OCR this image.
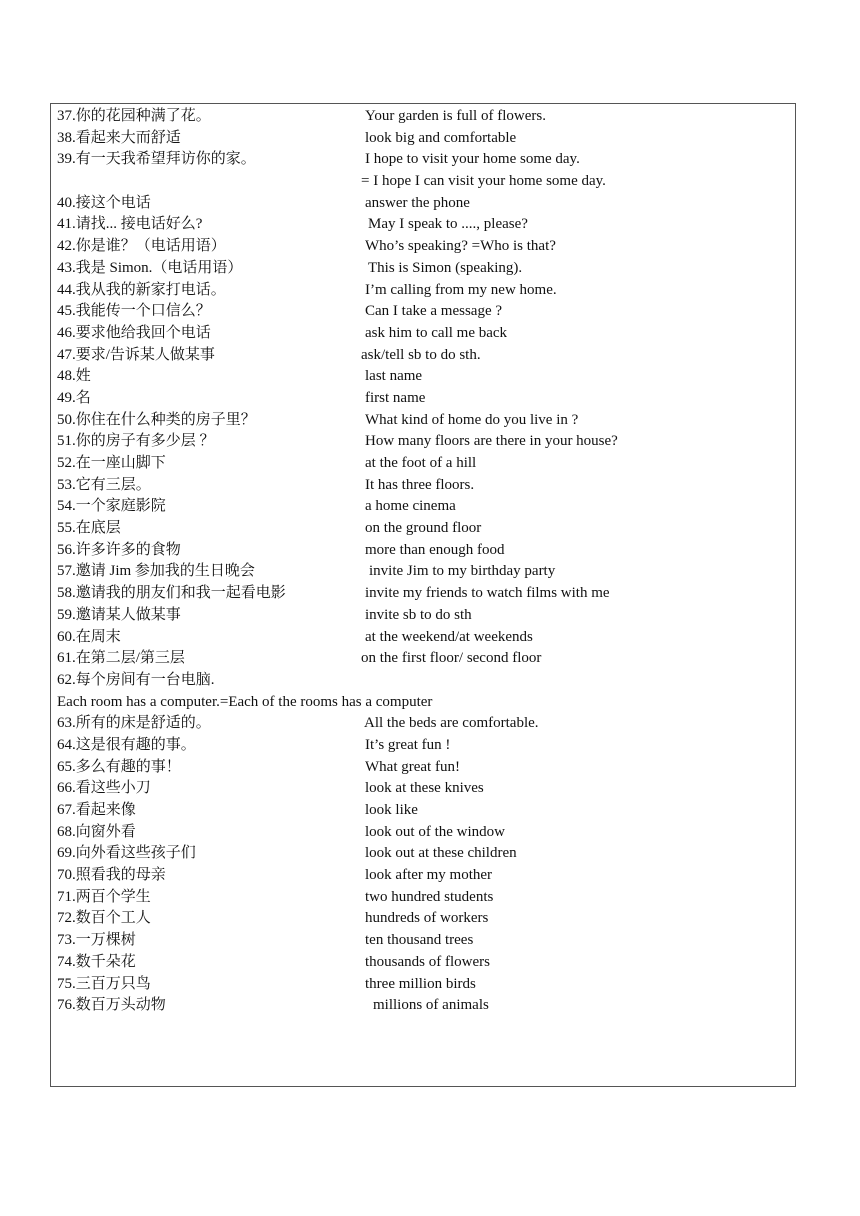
37.你的花园种满了花。	Your garden is full of flowers.
38.看起来大而舒适	look big and comfortable
39.有一天我希望拜访你的家。	I hope to visit your home some day.
= I hope I can visit your home some day.
40.接这个电话	answer the phone
41.请找... 接电话好么?	May I speak to ...., please?
42.你是谁？（电话用语）	Who’s speaking? =Who is that?
43.我是 Simon.（电话用语）	This is Simon (speaking).
44.我从我的新家打电话。	I’m calling from my new home.
45.我能传一个口信么？	Can I take a message ?
46.要求他给我回个电话	ask him to call me back
47.要求/告诉某人做某事	ask/tell sb to do sth.
48.姓	last name
49.名	first name
50.你住在什么种类的房子里？	What kind of home do you live in ?
51.你的房子有多少层 ？	How many floors are there in your house?
52.在一座山脚下	at the foot of a hill
53.它有三层。	It has three floors.
54.一个家庭影院	a home cinema
55.在底层	on the ground floor
56.许多许多的食物	more than enough food
57.邀请 Jim 参加我的生日晚会	invite Jim to my birthday party
58.邀请我的朋友们和我一起看电影	invite my friends to watch films with me
59.邀请某人做某事	invite sb to do sth
60.在周末	at the weekend/at weekends
61.在第二层/第三层	on the first floor/ second floor
62.每个房间有一台电脑.
Each room has a computer.=Each of the rooms has a computer
63.所有的床是舒适的。	All the beds are comfortable.
64.这是很有趣的事。	It’s great fun !
65.多么有趣的事！	What great fun!
66.看这些小刀	look at these knives
67.看起来像	look like
68.向窗外看	look out of the window
69.向外看这些孩子们	look out at these children
70.照看我的母亲	look after my mother
71.两百个学生	two hundred students
72.数百个工人	hundreds of workers
73.一万棵树	ten thousand trees
74.数千朵花	thousands of flowers
75.三百万只鸟	three million birds
76.数百万头动物	millions of animals
